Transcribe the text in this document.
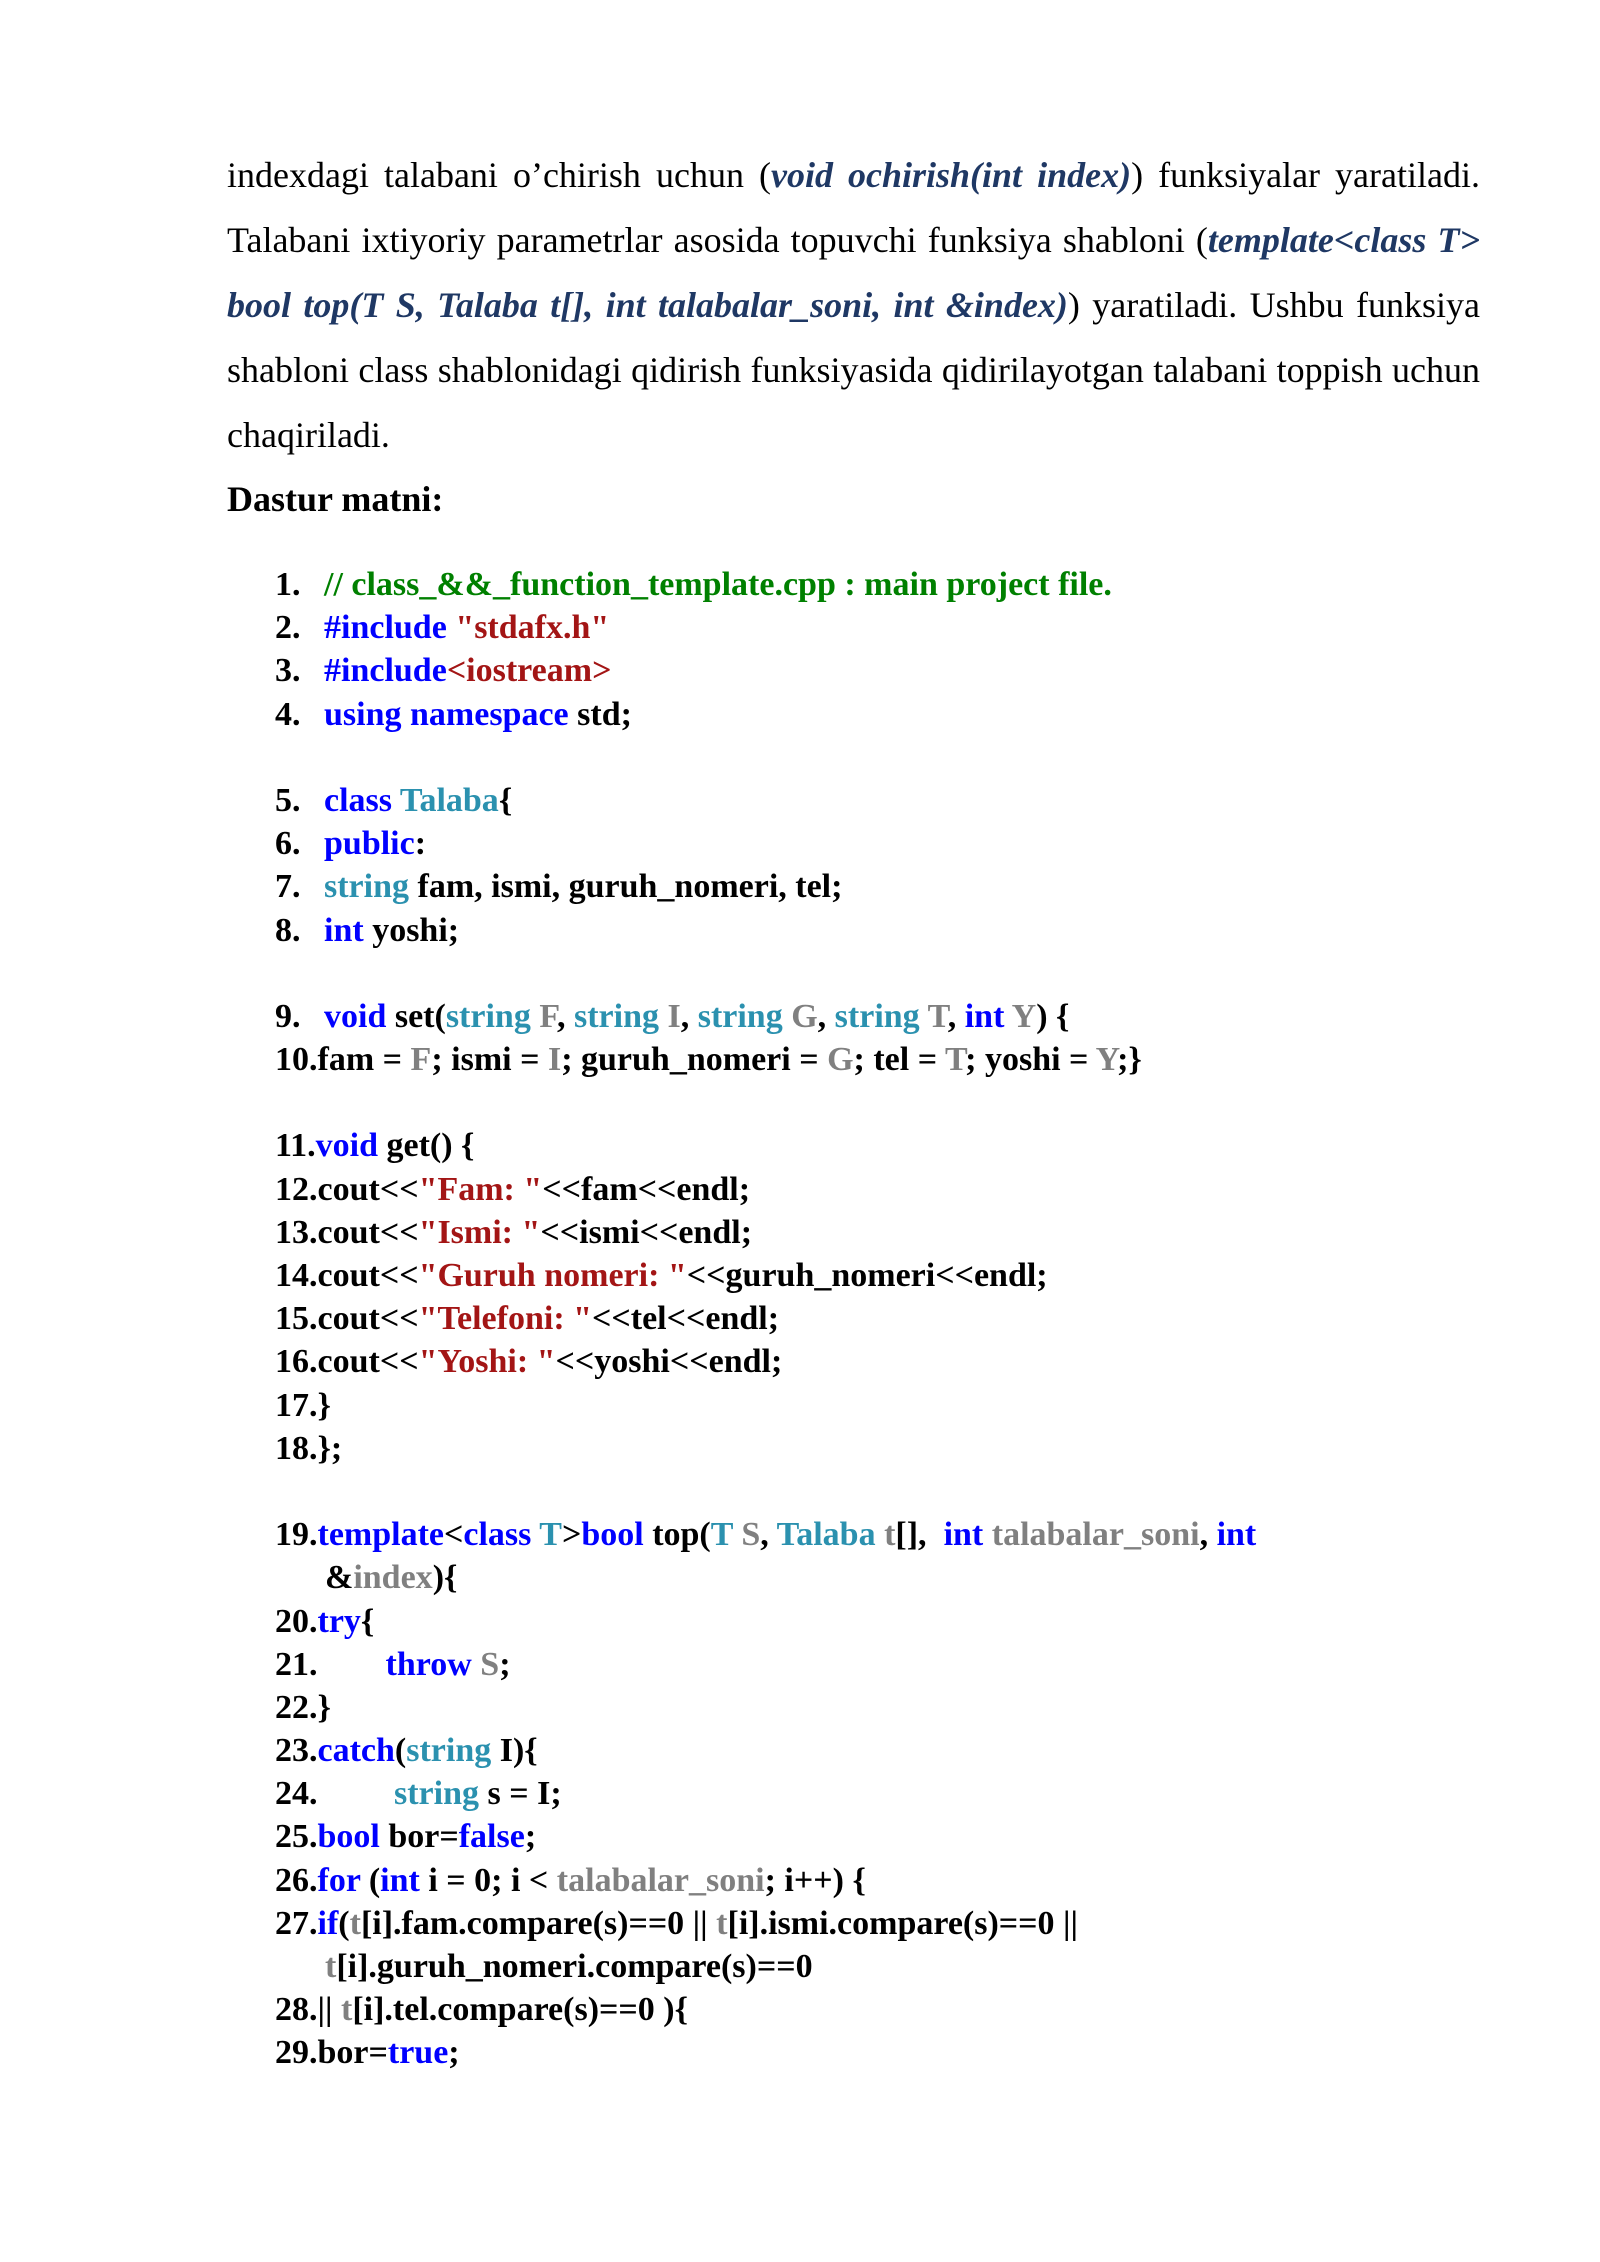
indexdagi talabani o’chirish uchun (void ochirish(int index)) funksiyalar yaratiladi. Talabani ixtiyoriy parametrlar asosida topuvchi funksiya shabloni (template<class T> bool top(T S, Talaba t[], int talabalar_soni, int &index)) yaratiladi. Ushbu funksiya shabloni class shablonidagi qidirish funksiyasida qidirilayotgan talabani toppish uchun chaqiriladi.

Dastur matni:

1. // class_&&_function_template.cpp : main project file.
2. #include "stdafx.h"
3. #include<iostream>
4. using namespace std;
5. class Talaba{
6. public:
7. string fam, ismi, guruh_nomeri, tel;
8. int yoshi;
9. void set(string F, string I, string G, string T, int Y) {
10.fam = F; ismi = I; guruh_nomeri = G; tel = T; yoshi = Y;}
11.void get() {
12.cout<<"Fam: "<<fam<<endl;
13.cout<<"Ismi: "<<ismi<<endl;
14.cout<<"Guruh nomeri: "<<guruh_nomeri<<endl;
15.cout<<"Telefoni: "<<tel<<endl;
16.cout<<"Yoshi: "<<yoshi<<endl;
17.}
18.};
19.template<class T>bool top(T S, Talaba t[],  int talabalar_soni, int
&index){
20.try{
21. throw S;
22.}
23.catch(string I){
24. string s = I;
25.bool bor=false;
26.for (int i = 0; i < talabalar_soni; i++) {
27.if(t[i].fam.compare(s)==0 || t[i].ismi.compare(s)==0 ||
t[i].guruh_nomeri.compare(s)==0
28.|| t[i].tel.compare(s)==0 ){
29.bor=true;
